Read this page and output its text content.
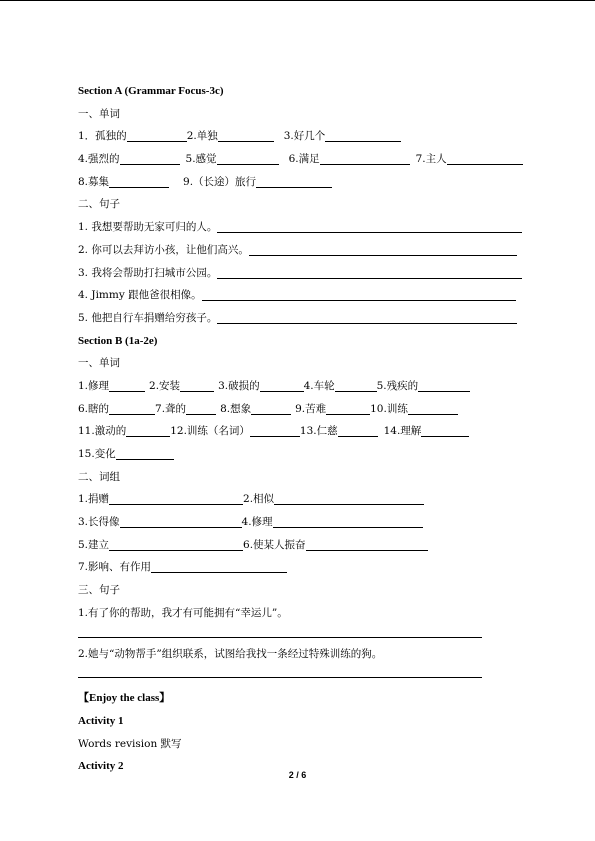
Section A (Grammar Focus-3c)
一、单词
1．孤独的	2.单独	3.好几个
4.强烈的	5.感觉	6.满足	7.主人
8.募集	9.（长途）旅行
二、句子
1. 我想要帮助无家可归的人。
2. 你可以去拜访小孩，让他们高兴。
3. 我将会帮助打扫城市公园。
4. Jimmy 跟他爸很相像。
5. 他把自行车捐赠给穷孩子。
Section B (1a-2e)
一、单词
1.修理	2.安装	3.破损的	4.车轮	5.残疾的
6.瞎的	7.聋的	8.想象	9.苦难	10.训练
11.激动的	12.训练（名词）	13.仁慈	14.理解
15.变化
二、词组
1.捐赠	2.相似
3.长得像	4.修理
5.建立	6.使某人振奋
7.影响、有作用
三、句子
1.有了你的帮助，我才有可能拥有“幸运儿”。
2.她与“动物帮手”组织联系，试图给我找一条经过特殊训练的狗。
【Enjoy the class】
Activity 1
Words revision 默写
Activity 2
2 / 6
